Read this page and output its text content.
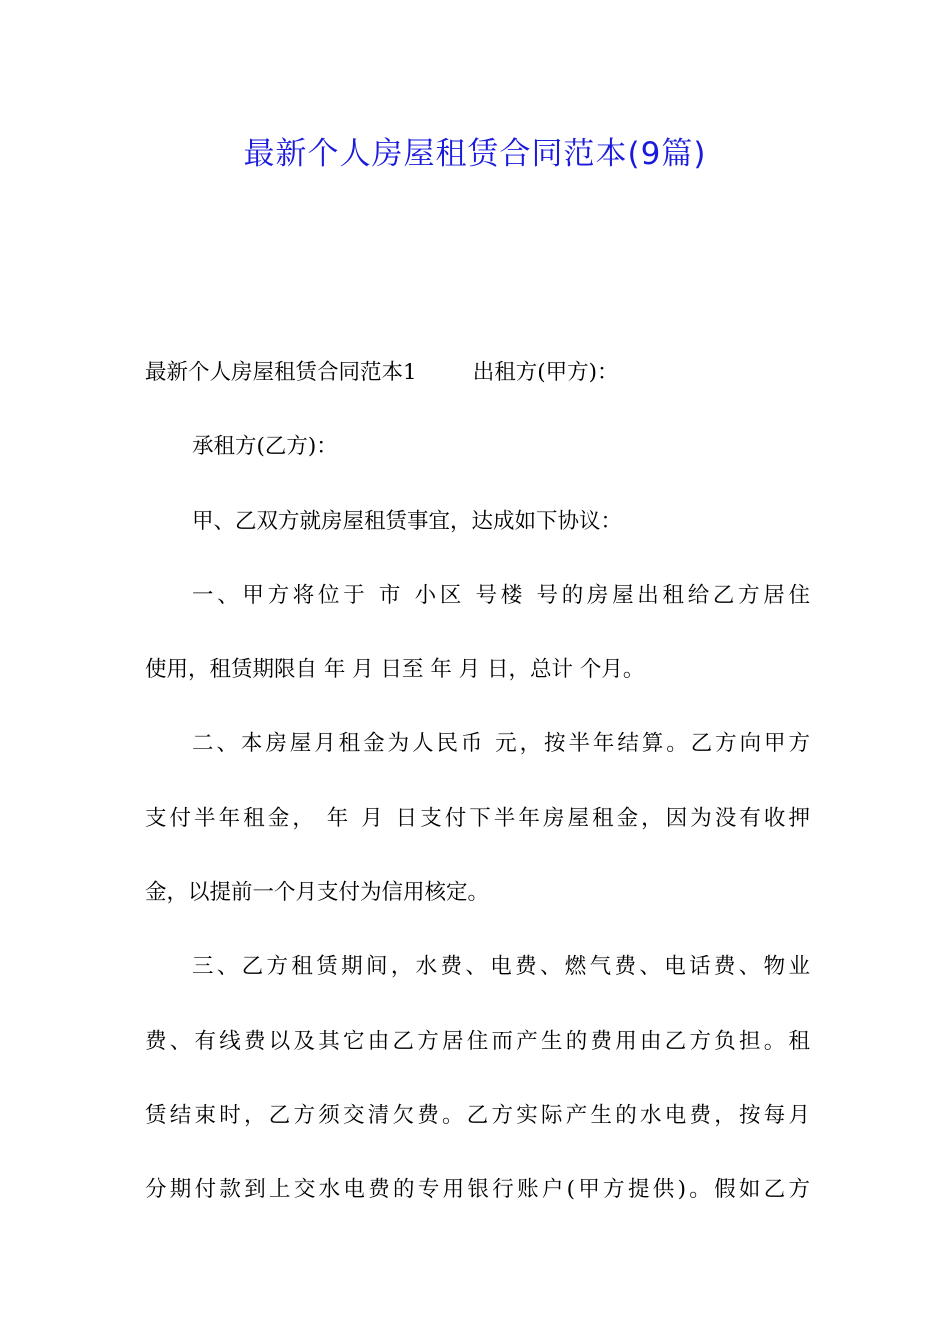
最新个人房屋租赁合同范本(9篇)
最新个人房屋租赁合同范本1	出租方(甲方)：
承租方(乙方)：
甲、乙双方就房屋租赁事宜，达成如下协议：
一、甲方将位于 市 小区 号楼 号的房屋出租给乙方居住
使用，租赁期限自 年 月 日至 年 月 日，总计 个月。
二、本房屋月租金为人民币 元，按半年结算。乙方向甲方
支付半年租金， 年 月 日支付下半年房屋租金，因为没有收押
金，以提前一个月支付为信用核定。
三、乙方租赁期间，水费、电费、燃气费、电话费、物业
费、有线费以及其它由乙方居住而产生的费用由乙方负担。租
赁结束时，乙方须交清欠费。乙方实际产生的水电费，按每月
分期付款到上交水电费的专用银行账户(甲方提供)。假如乙方
